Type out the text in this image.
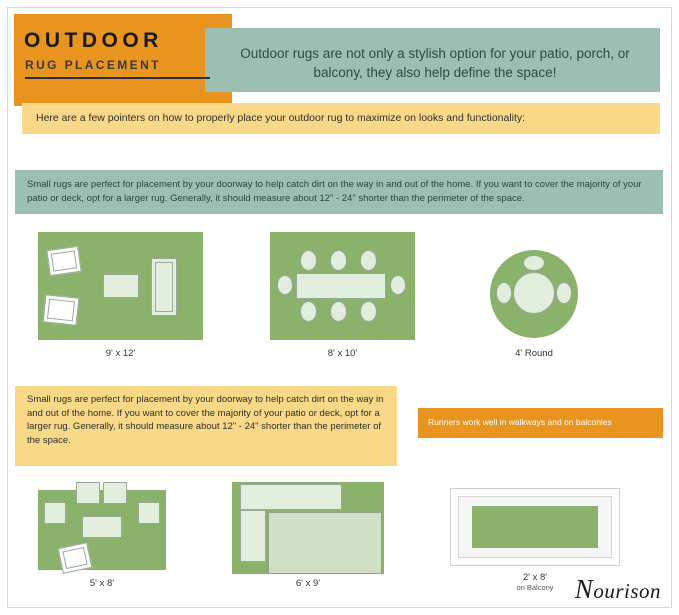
OUTDOOR
RUG PLACEMENT
Outdoor rugs are not only a stylish option for your patio, porch, or balcony, they also help define the space!
Here are a few pointers on how to properly place your outdoor rug to maximize on looks and functionality:
Small rugs are perfect for placement by your doorway to help catch dirt on the way in and out of the home. If you want to cover the majority of your patio or deck, opt for a larger rug. Generally, it should measure about 12" - 24" shorter than the perimeter of the space.
9' x 12'	8' x 10'	4' Round
Small rugs are perfect for placement by your doorway to help catch dirt on the way in and out of the home. If you want to cover the majority of your patio or deck, opt for a larger rug. Generally, it should measure about 12" - 24" shorter than the perimeter of the space.
Runners work well in walkways and on balconies
5' x 8'	6' x 9'
2' x 8'
on Balcony Nourison
